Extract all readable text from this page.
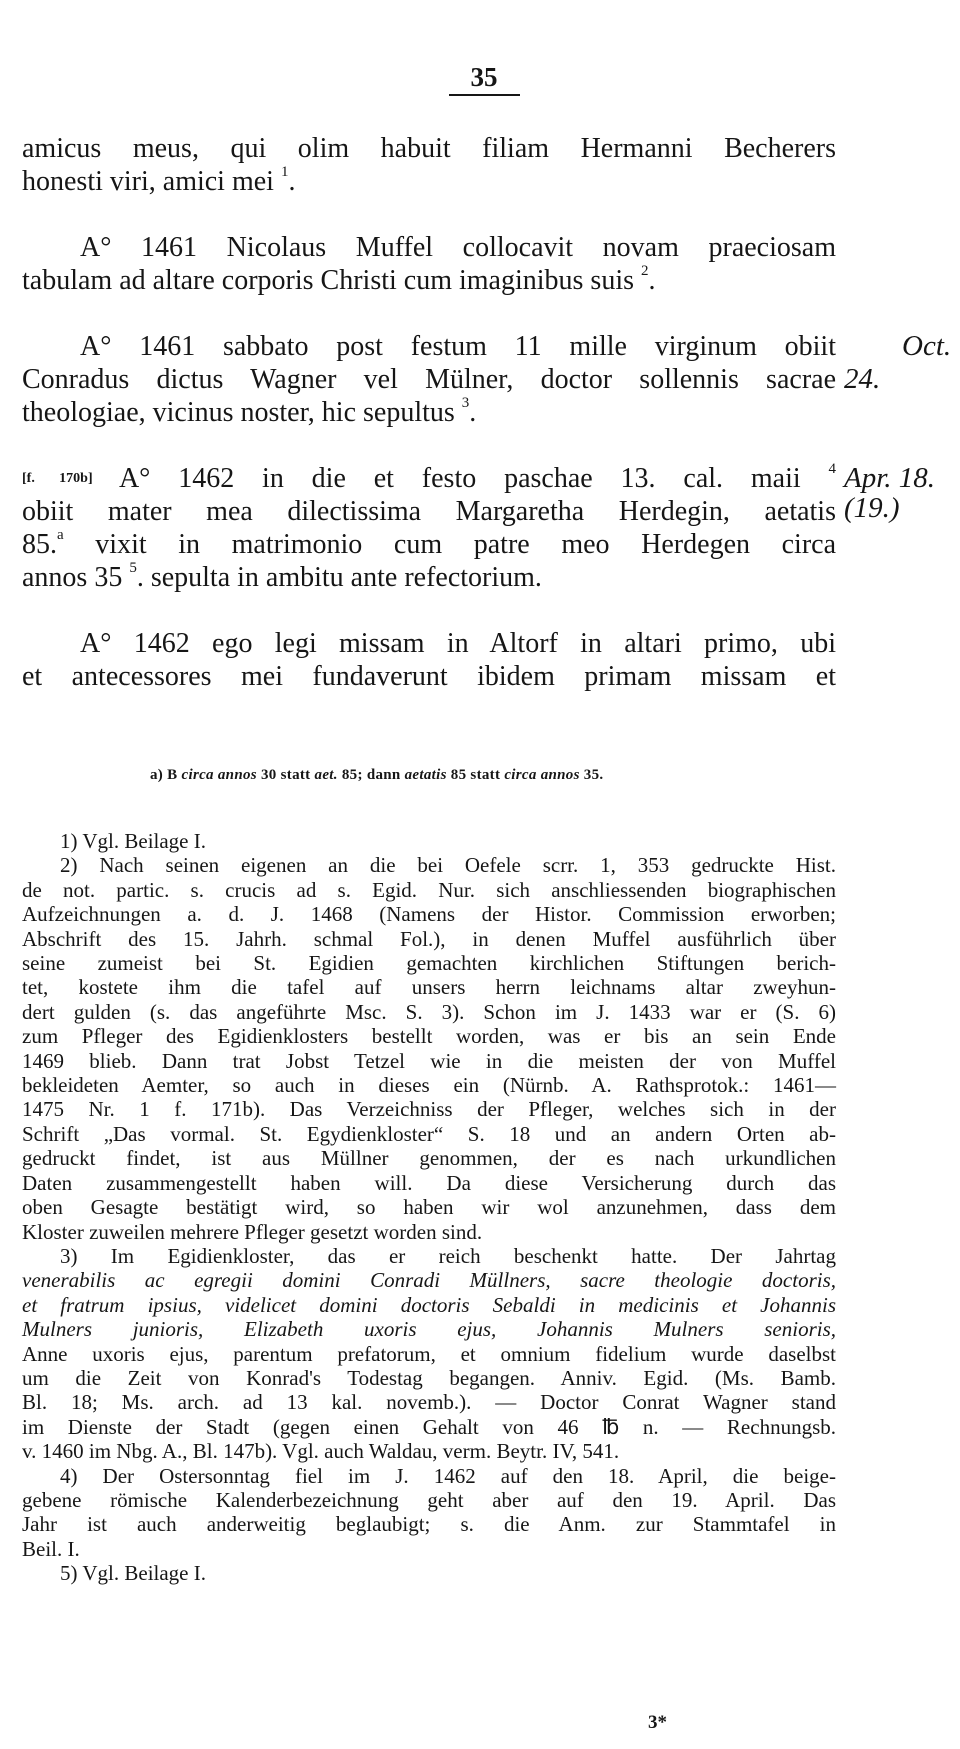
35
amicus meus, qui olim habuit filiam Hermanni Becherers
honesti viri, amici mei $^1$.
A° 1461 Nicolaus Muffel collocavit novam praeciosam
tabulam ad altare corporis Christi cum imaginibus suis $^2$.
A° 1461 sabbato post festum 11 mille virginum obiit	Oct. 24.
Conradus dictus Wagner vel Mülner, doctor sollennis sacrae
theologiae, vicinus noster, hic sepultus $^3$.
[f. 170b] A° 1462 in die et festo paschae 13. cal. maii $^4$ Apr. 18.
obiit mater mea dilectissima Margaretha Herdegin, aetatis (19.)
85.$^a$ vixit in matrimonio cum patre meo Herdegen circa
annos 35 $^5$. sepulta in ambitu ante refectorium.
A° 1462 ego legi missam in Altorf in altari primo, ubi
et antecessores mei fundaverunt ibidem primam missam et
a) B circa annos 30 statt aet. 85; dann aetatis 85 statt circa annos 35.
1) Vgl. Beilage I.
2) Nach seinen eigenen an die bei Oefele scrr. 1, 353 gedruckte Hist.
de not. partic. s. crucis ad s. Egid. Nur. sich anschliessenden biographischen
Aufzeichnungen a. d. J. 1468 (Namens der Histor. Commission erworben;
Abschrift des 15. Jahrh. schmal Fol.), in denen Muffel ausführlich über
seine zumeist bei St. Egidien gemachten kirchlichen Stiftungen berich-
tet, kostete ihm die tafel auf unsers herrn leichnams altar zweyhun-
dert gulden (s. das angeführte Msc. S. 3). Schon im J. 1433 war er (S. 6)
zum Pfleger des Egidienklosters bestellt worden, was er bis an sein Ende
1469 blieb. Dann trat Jobst Tetzel wie in die meisten der von Muffel
bekleideten Aemter, so auch in dieses ein (Nürnb. A. Rathsprotok.: 1461—
1475 Nr. 1 f. 171b). Das Verzeichniss der Pfleger, welches sich in der
Schrift „Das vormal. St. Egydienkloster“ S. 18 und an andern Orten ab-
gedruckt findet, ist aus Müllner genommen, der es nach urkundlichen
Daten zusammengestellt haben will. Da diese Versicherung durch das
oben Gesagte bestätigt wird, so haben wir wol anzunehmen, dass dem
Kloster zuweilen mehrere Pfleger gesetzt worden sind.
3) Im Egidienkloster, das er reich beschenkt hatte. Der Jahrtag
venerabilis ac egregii domini Conradi Müllners, sacre theologie doctoris,
et fratrum ipsius, videlicet domini doctoris Sebaldi in medicinis et Johannis
Mulners junioris, Elizabeth uxoris ejus, Johannis Mulners senioris,
Anne uxoris ejus, parentum prefatorum, et omnium fidelium wurde daselbst
um die Zeit von Konrad's Todestag begangen. Anniv. Egid. (Ms. Bamb.
Bl. 18; Ms. arch. ad 13 kal. novemb.). — Doctor Conrat Wagner stand
im Dienste der Stadt (gegen einen Gehalt von 46 ℔ n. — Rechnungsb.
v. 1460 im Nbg. A., Bl. 147b). Vgl. auch Waldau, verm. Beytr. IV, 541.
4) Der Ostersonntag fiel im J. 1462 auf den 18. April, die beige-
gebene römische Kalenderbezeichnung geht aber auf den 19. April. Das
Jahr ist auch anderweitig beglaubigt; s. die Anm. zur Stammtafel in
Beil. I.
5) Vgl. Beilage I.
3*
